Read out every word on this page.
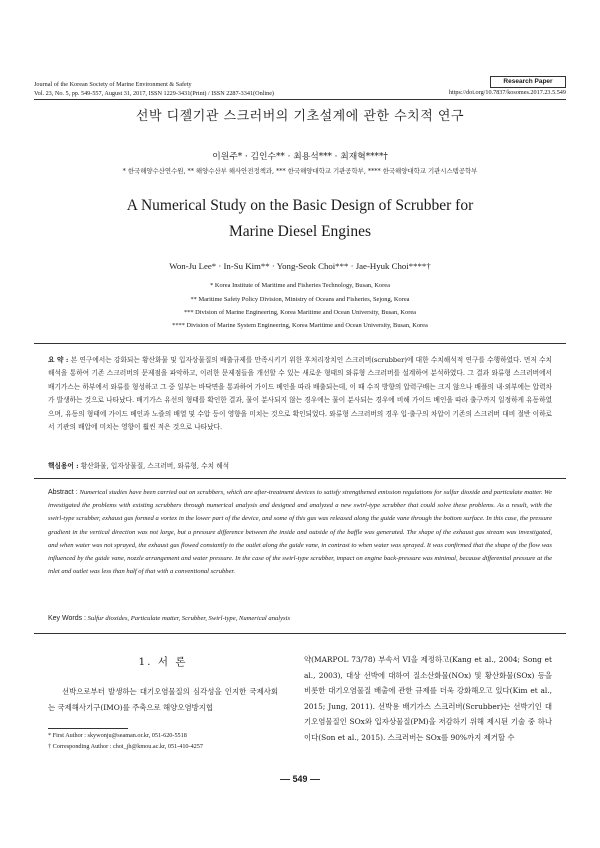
Journal of the Korean Society of Marine Environment & Safety
Vol. 23, No. 5, pp. 549-557, August 31, 2017, ISSN 1229-3431(Print) / ISSN 2287-3341(Online)
Research Paper
https://doi.org/10.7837/kosomes.2017.23.5.549
선박 디젤기관 스크러버의 기초설계에 관한 수치적 연구
이원주* · 김인수** · 최용석*** · 최재혁****†
* 한국해양수산연수원, ** 해양수산부 해사안전정책과, *** 한국해양대학교 기관공학부, **** 한국해양대학교 기관시스템공학부
A Numerical Study on the Basic Design of Scrubber for
Marine Diesel Engines
Won-Ju Lee* · In-Su Kim** · Yong-Seok Choi*** · Jae-Hyuk Choi****†
* Korea Institute of Maritime and Fisheries Technology, Busan, Korea
** Maritime Safety Policy Division, Ministry of Oceans and Fisheries, Sejong, Korea
*** Division of Marine Engineering, Korea Maritime and Ocean University, Busan, Korea
**** Division of Marine System Engineering, Korea Maritime and Ocean University, Busan, Korea
요 약 : 본 연구에서는 강화되는 황산화물 및 입자상물질의 배출규제를 만족시키기 위한 후처리장치인 스크러버(scrubber)에 대한 수치해석적 연구를 수행하였다. 먼저 수치 해석을 통하여 기존 스크러버의 문제점을 파악하고, 이러한 문제점들을 개선할 수 있는 새로운 형태의 와류형 스크러버를 설계하여 분석하였다. 그 결과 와류형 스크러버에서 배기가스는 하부에서 와류를 형성하고 그 중 일부는 바닥면을 통과하여 가이드 베인을 따라 배출되는데, 이 때 수직 방향의 압력구배는 크지 않으나 배플의 내·외부에는 압력차가 발생하는 것으로 나타났다. 배기가스 유선의 형태를 확인한 결과, 물이 분사되지 않는 경우에는 물이 분사되는 경우에 비해 가이드 베인을 따라 출구까지 일정하게 유동하였으며, 유동의 형태에 가이드 베인과 노즐의 배열 및 수압 등이 영향을 미치는 것으로 확인되었다. 와류형 스크러버의 경우 입·출구의 차압이 기존의 스크러버 대비 절반 이하로서 기관의 배압에 미치는 영향이 훨씬 적은 것으로 나타났다.
핵심용어 : 황산화물, 입자상물질, 스크러버, 와류형, 수치 해석
Abstract : Numerical studies have been carried out on scrubbers, which are after-treatment devices to satisfy strengthened emission regulations for sulfur dioxide and particulate matter. We investigated the problems with existing scrubbers through numerical analysis and designed and analyzed a new swirl-type scrubber that could solve these problems. As a result, with the swirl-type scrubber, exhaust gas formed a vortex in the lower part of the device, and some of this gas was released along the guide vane through the bottom surface. In this case, the pressure gradient in the vertical direction was not large, but a pressure difference between the inside and outside of the baffle was generated. The shape of the exhaust gas stream was investigated, and when water was not sprayed, the exhaust gas flowed constantly to the outlet along the guide vane, in contrast to when water was sprayed. It was confirmed that the shape of the flow was influenced by the guide vane, nozzle arrangement and water pressure. In the case of the swirl-type scrubber, impact on engine back-pressure was minimal, because differential pressure at the inlet and outlet was less than half of that with a conventional scrubber.
Key Words : Sulfur dioxides, Particulate matter, Scrubber, Swirl-type, Numerical analysis
1. 서 론
선박으로부터 발생하는 대기오염물질의 심각성을 인지한 국제사회는 국제해사기구(IMO)를 주축으로 해양오염방지협
약(MARPOL 73/78) 부속서 VI을 제정하고(Kang et al., 2004; Song et al., 2003), 대상 선박에 대하여 질소산화물(NOx) 및 황산화물(SOx) 등을 비롯한 대기오염물질 배출에 관한 규제를 더욱 강화해오고 있다(Kim et al., 2015; Jung, 2011). 선박용 배기가스 스크러버(Scrubber)는 선박기인 대기오염물질인 SOx와 입자상물질(PM)을 저감하기 위해 제시된 기술 중 하나이다(Son et al., 2015). 스크러버는 SOx를 90%까지 제거할 수
* First Author : skywonju@seaman.or.kr, 051-620-5518
† Corresponding Author : choi_jh@kmou.ac.kr, 051-410-4257
549
